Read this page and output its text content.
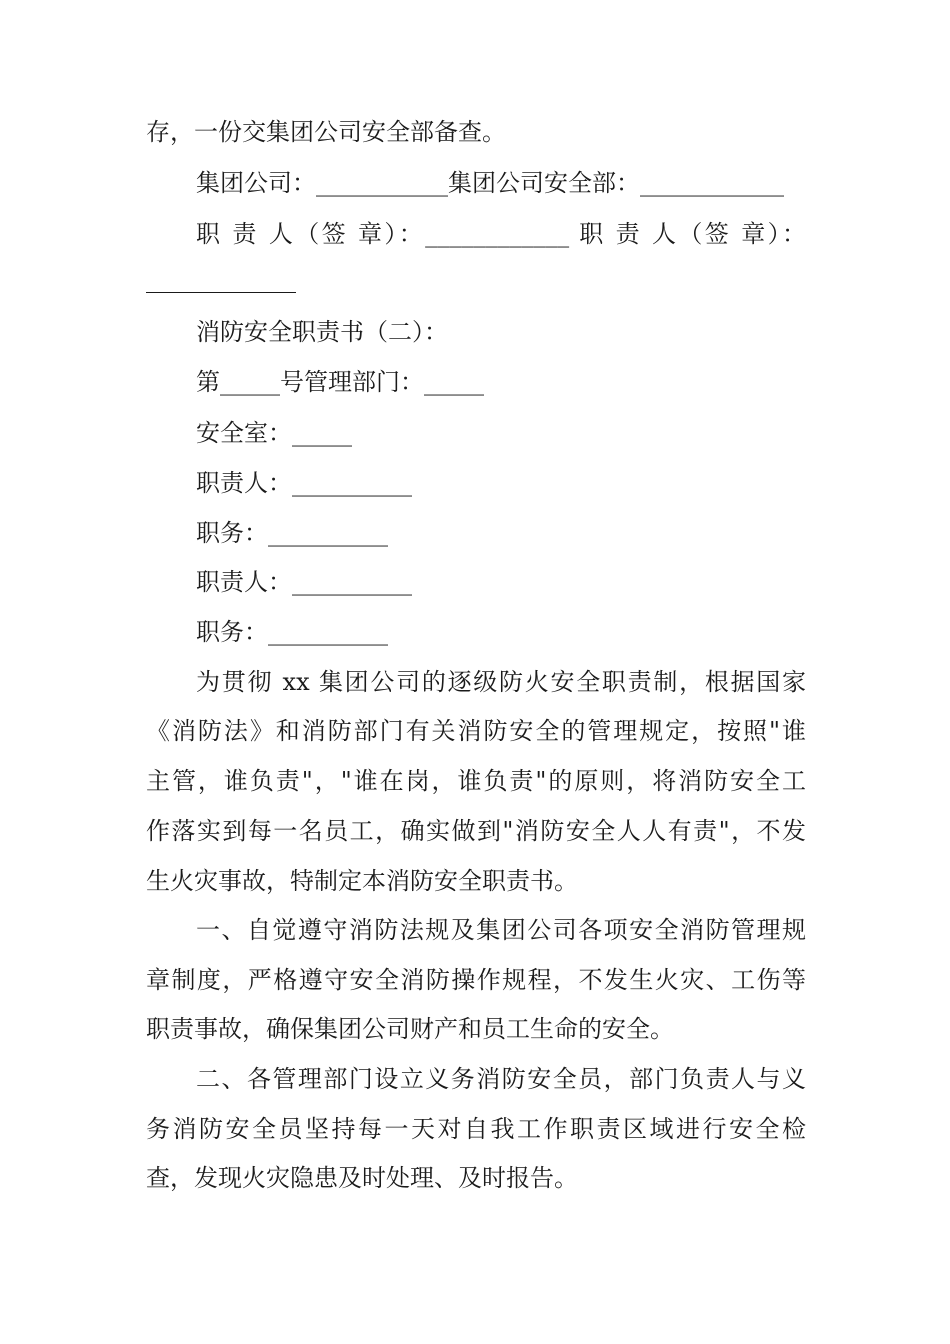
存，一份交集团公司安全部备查。
集团公司：___________集团公司安全部：____________
职 责 人（签 章）：____________ 职 责 人（签 章）：
消防安全职责书（二）：
第_____号管理部门：_____
安全室：_____
职责人：__________
职务：__________
职责人：__________
职务：__________
为贯彻 xx 集团公司的逐级防火安全职责制，根据国家
《消防法》和消防部门有关消防安全的管理规定，按照"谁
主管，谁负责"，"谁在岗，谁负责"的原则，将消防安全工
作落实到每一名员工，确实做到"消防安全人人有责"，不发
生火灾事故，特制定本消防安全职责书。
一、自觉遵守消防法规及集团公司各项安全消防管理规
章制度，严格遵守安全消防操作规程，不发生火灾、工伤等
职责事故，确保集团公司财产和员工生命的安全。
二、各管理部门设立义务消防安全员，部门负责人与义
务消防安全员坚持每一天对自我工作职责区域进行安全检
查，发现火灾隐患及时处理、及时报告。
